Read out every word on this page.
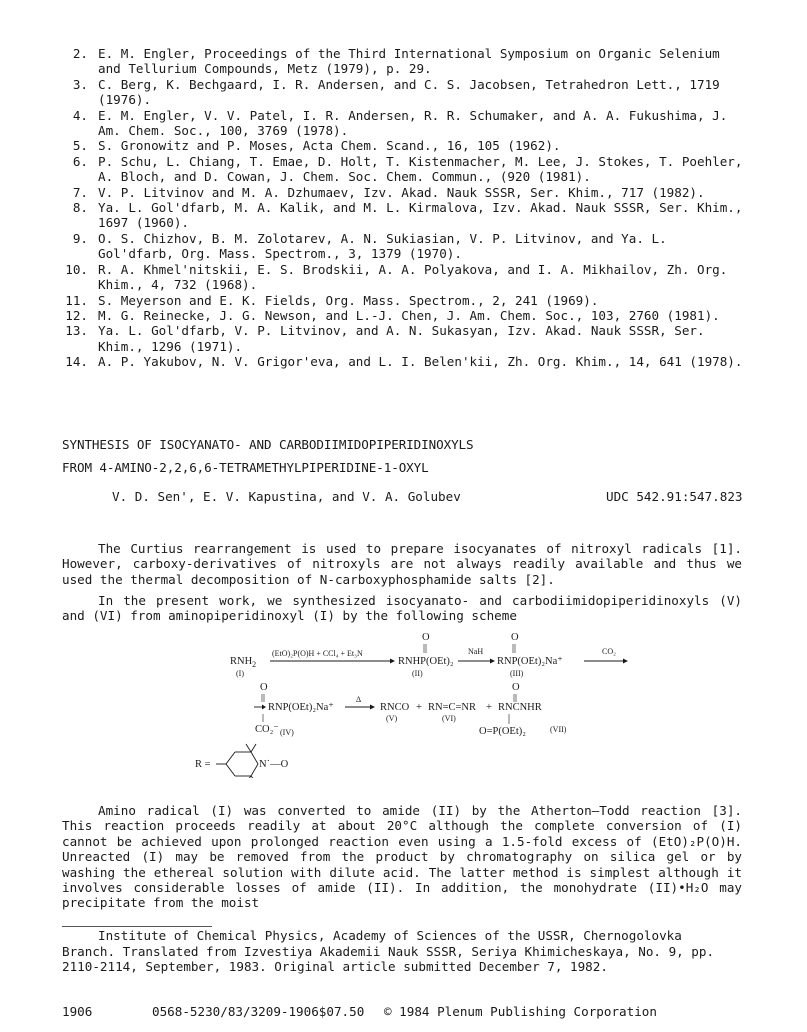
2. E. M. Engler, Proceedings of the Third International Symposium on Organic Selenium and Tellurium Compounds, Metz (1979), p. 29.
3. C. Berg, K. Bechgaard, I. R. Andersen, and C. S. Jacobsen, Tetrahedron Lett., 1719 (1976).
4. E. M. Engler, V. V. Patel, I. R. Andersen, R. R. Schumaker, and A. A. Fukushima, J. Am. Chem. Soc., 100, 3769 (1978).
5. S. Gronowitz and P. Moses, Acta Chem. Scand., 16, 105 (1962).
6. P. Schu, L. Chiang, T. Emae, D. Holt, T. Kistenmacher, M. Lee, J. Stokes, T. Poehler, A. Bloch, and D. Cowan, J. Chem. Soc. Chem. Commun., (920 (1981).
7. V. P. Litvinov and M. A. Dzhumaev, Izv. Akad. Nauk SSSR, Ser. Khim., 717 (1982).
8. Ya. L. Gol'dfarb, M. A. Kalik, and M. L. Kirmalova, Izv. Akad. Nauk SSSR, Ser. Khim., 1697 (1960).
9. O. S. Chizhov, B. M. Zolotarev, A. N. Sukiasian, V. P. Litvinov, and Ya. L. Gol'dfarb, Org. Mass. Spectrom., 3, 1379 (1970).
10. R. A. Khmel'nitskii, E. S. Brodskii, A. A. Polyakova, and I. A. Mikhailov, Zh. Org. Khim., 4, 732 (1968).
11. S. Meyerson and E. K. Fields, Org. Mass. Spectrom., 2, 241 (1969).
12. M. G. Reinecke, J. G. Newson, and L.-J. Chen, J. Am. Chem. Soc., 103, 2760 (1981).
13. Ya. L. Gol'dfarb, V. P. Litvinov, and A. N. Sukasyan, Izv. Akad. Nauk SSSR, Ser. Khim., 1296 (1971).
14. A. P. Yakubov, N. V. Grigor'eva, and L. I. Belen'kii, Zh. Org. Khim., 14, 641 (1978).
SYNTHESIS OF ISOCYANATO- AND CARBODIIMIDOPIPERIDINOXYLS
FROM 4-AMINO-2,2,6,6-TETRAMETHYLPIPERIDINE-1-OXYL
V. D. Sen', E. V. Kapustina, and V. A. Golubev	UDC 542.91:547.823
The Curtius rearrangement is used to prepare isocyanates of nitroxyl radicals [1]. However, carboxy-derivatives of nitroxyls are not always readily available and thus we used the thermal decomposition of N-carboxyphosphamide salts [2].
In the present work, we synthesized isocyanato- and carbodiimidopiperidinoxyls (V) and (VI) from aminopiperidinoxyl (I) by the following scheme
$RNH_2$
(I)
(EtO)₂P(O)H + CCl₄ + Et₃N
O
RNHP(OEt)₂
(II)
NaH
O
RNP(OEt)₂Na⁺
(III)
CO₂
O	O
RNP(OEt)₂Na⁺
CO₂⁻ (IV)
Δ
RNCO
(V)
+ RN=C=NR
(VI)
+ RNCNHR
O=P(OEt)₂	(VII)
R =	N˙—O
Amino radical (I) was converted to amide (II) by the Atherton—Todd reaction [3]. This reaction proceeds readily at about 20°C although the complete conversion of (I) cannot be achieved upon prolonged reaction even using a 1.5-fold excess of (EtO)₂P(O)H. Unreacted (I) may be removed from the product by chromatography on silica gel or by washing the ethereal solution with dilute acid. The latter method is simplest although it involves considerable losses of amide (II). In addition, the monohydrate (II)•H₂O may precipitate from the moist
Institute of Chemical Physics, Academy of Sciences of the USSR, Chernogolovka Branch. Translated from Izvestiya Akademii Nauk SSSR, Seriya Khimicheskaya, No. 9, pp. 2110-2114, September, 1983. Original article submitted December 7, 1982.
1906	0568-5230/83/3209-1906$07.50 © 1984 Plenum Publishing Corporation
